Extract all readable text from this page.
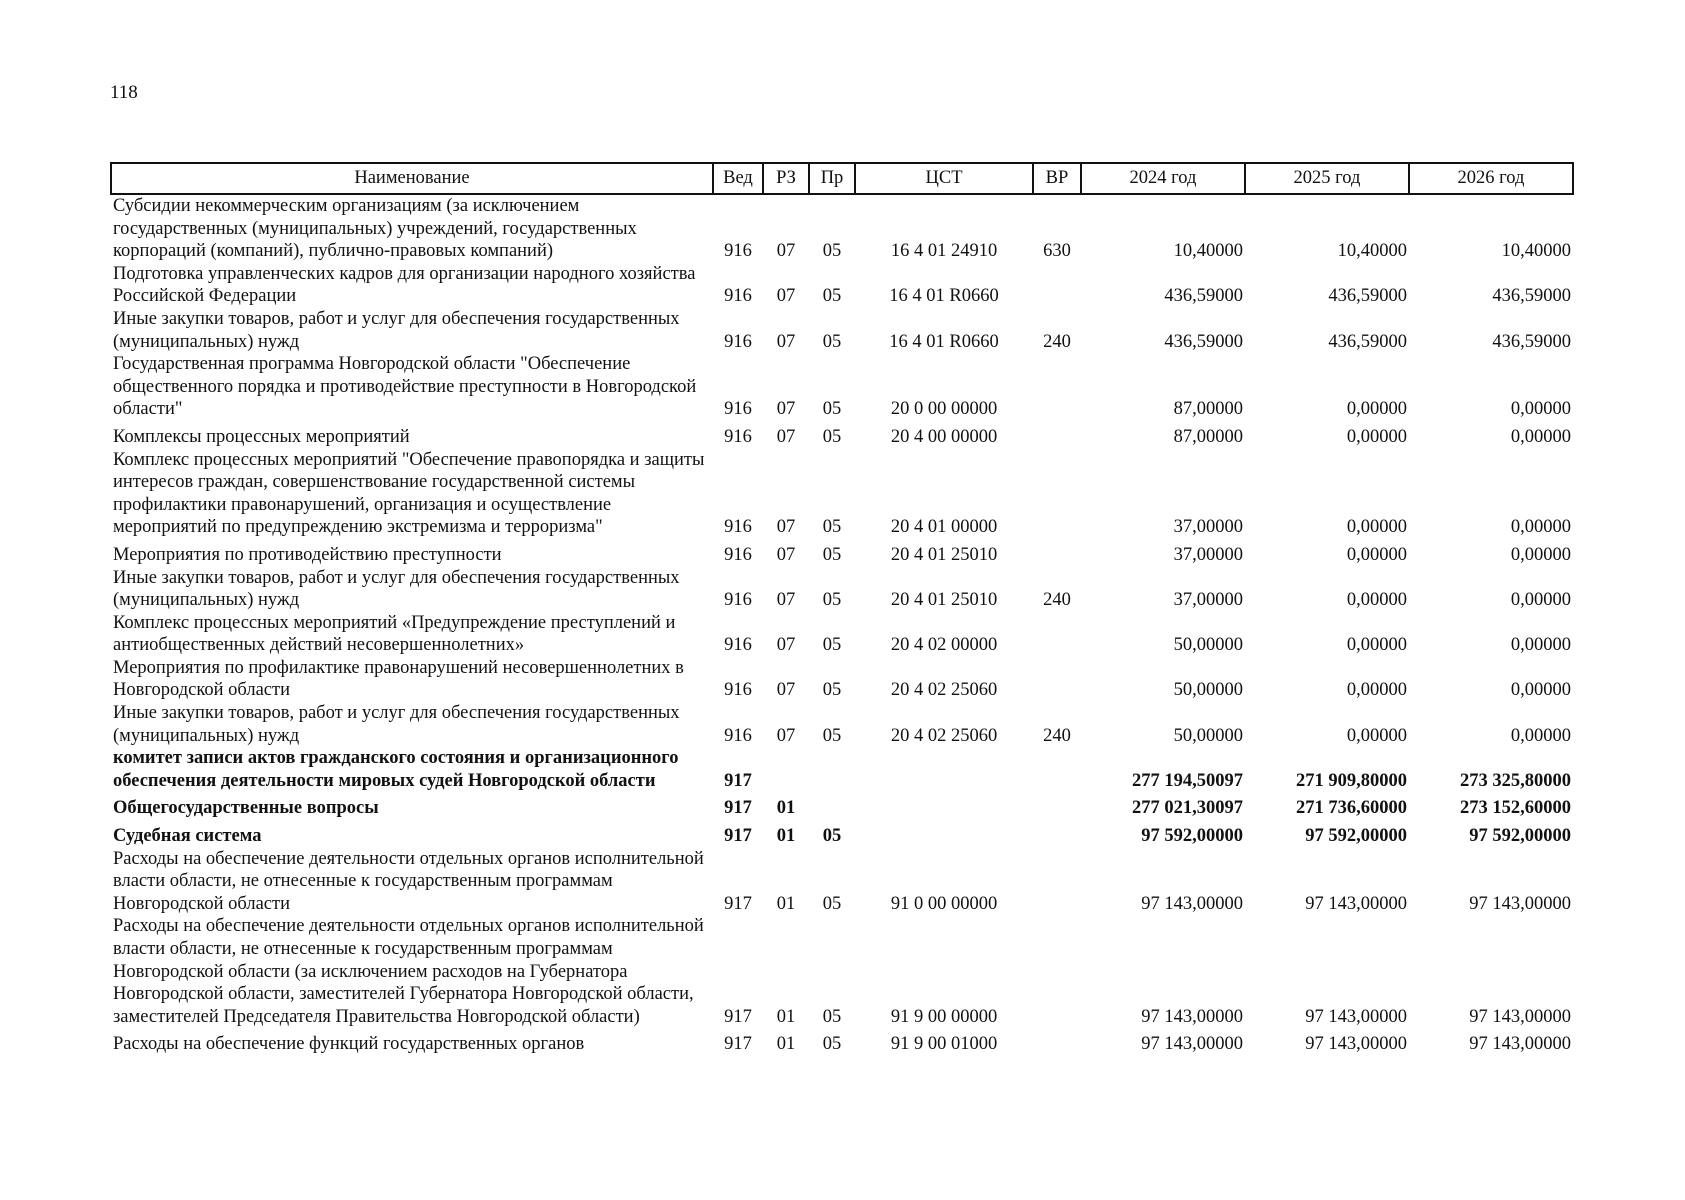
118
Наименование	Вед	РЗ	Пр	ЦСТ	ВР	2024 год	2025 год	2026 год
Субсидии некоммерческим организациям (за исключением государственных (муниципальных) учреждений, государственных корпораций (компаний), публично-правовых компаний)	916	07	05	16 4 01 24910	630	10,40000	10,40000	10,40000
Подготовка управленческих кадров для организации народного хозяйства Российской Федерации	916	07	05	16 4 01 R0660		436,59000	436,59000	436,59000
Иные закупки товаров, работ и услуг для обеспечения государственных (муниципальных) нужд	916	07	05	16 4 01 R0660	240	436,59000	436,59000	436,59000
Государственная программа Новгородской области "Обеспечение общественного порядка и противодействие преступности в Новгородской области"	916	07	05	20 0 00 00000		87,00000	0,00000	0,00000
Комплексы процессных мероприятий	916	07	05	20 4 00 00000		87,00000	0,00000	0,00000
Комплекс процессных мероприятий "Обеспечение правопорядка и защиты интересов граждан, совершенствование государственной системы профилактики правонарушений, организация и осуществление мероприятий по предупреждению экстремизма и терроризма"	916	07	05	20 4 01 00000		37,00000	0,00000	0,00000
Мероприятия по противодействию преступности	916	07	05	20 4 01 25010		37,00000	0,00000	0,00000
Иные закупки товаров, работ и услуг для обеспечения государственных (муниципальных) нужд	916	07	05	20 4 01 25010	240	37,00000	0,00000	0,00000
Комплекс процессных мероприятий «Предупреждение преступлений и антиобщественных действий несовершеннолетних»	916	07	05	20 4 02 00000		50,00000	0,00000	0,00000
Мероприятия по профилактике правонарушений несовершеннолетних в Новгородской области	916	07	05	20 4 02 25060		50,00000	0,00000	0,00000
Иные закупки товаров, работ и услуг для обеспечения государственных (муниципальных) нужд	916	07	05	20 4 02 25060	240	50,00000	0,00000	0,00000
комитет записи актов гражданского состояния и организационного обеспечения деятельности мировых судей Новгородской области	917					277 194,50097	271 909,80000	273 325,80000
Общегосударственные вопросы	917	01				277 021,30097	271 736,60000	273 152,60000
Судебная система	917	01	05			97 592,00000	97 592,00000	97 592,00000
Расходы на обеспечение деятельности отдельных органов исполнительной власти области, не отнесенные к государственным программам Новгородской области	917	01	05	91 0 00 00000		97 143,00000	97 143,00000	97 143,00000
Расходы на обеспечение деятельности отдельных органов исполнительной власти области, не отнесенные к государственным программам Новгородской области (за исключением расходов на Губернатора Новгородской области, заместителей Губернатора Новгородской области, заместителей Председателя Правительства Новгородской области)	917	01	05	91 9 00 00000		97 143,00000	97 143,00000	97 143,00000
Расходы на обеспечение функций государственных органов	917	01	05	91 9 00 01000		97 143,00000	97 143,00000	97 143,00000
